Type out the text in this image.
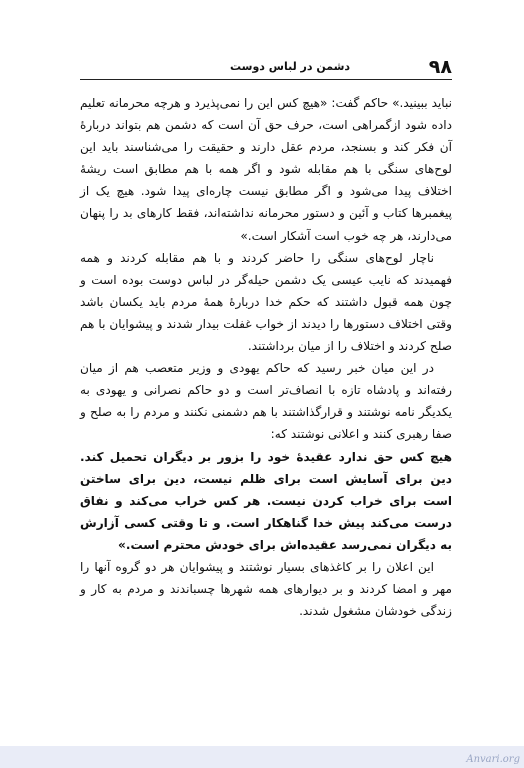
۹۸
دشمن در لباس دوست

نباید ببینید.» حاکم گفت: «هیچ کس این را نمی‌پذیرد و هرچه محرمانه تعلیم داده شود ازگمراهی است، حرف حق آن است که دشمن هم بتواند دربارهٔ آن فکر کند و بسنجد، مردم عقل دارند و حقیقت را می‌شناسند باید این لوح‌های سنگی با هم مقابله شود و اگر همه با هم مطابق است ریشهٔ اختلاف پیدا می‌شود و اگر مطابق نیست چاره‌ای پیدا شود. هیچ یک از پیغمبرها کتاب و آئین و دستور محرمانه نداشته‌اند، فقط کارهای بد را پنهان می‌دارند، هر چه خوب است آشکار است.»

ناچار لوح‌های سنگی را حاضر کردند و با هم مقابله کردند و همه فهمیدند که نایب عیسی یک دشمن حیله‌گر در لباس دوست بوده است و چون همه قبول داشتند که حکم خدا دربارهٔ همهٔ مردم باید یکسان باشد وقتی اختلاف دستورها را دیدند از خواب غفلت بیدار شدند و پیشوایان با هم صلح کردند و اختلاف را از میان برداشتند.

در این میان خبر رسید که حاکم یهودی و وزیر متعصب هم از میان رفته‌اند و پادشاه تازه با انصاف‌تر است و دو حاکم نصرانی و یهودی به یکدیگر نامه نوشتند و قرارگذاشتند با هم دشمنی نکنند و مردم را به صلح و صفا رهبری کنند و اعلانی نوشتند که:

هیچ کس حق ندارد عقیدهٔ خود را بزور بر دیگران تحمیل کند. دین برای آسایش است برای ظلم نیست، دین برای ساختن است برای خراب کردن نیست. هر کس خراب می‌کند و نفاق درست می‌کند پیش خدا گناهکار است. و تا وقتی کسی آزارش به دیگران نمی‌رسد عقیده‌اش برای خودش محترم است.»

این اعلان را بر کاغذهای بسیار نوشتند و پیشوایان هر دو گروه آنها را مهر و امضا کردند و بر دیوارهای همه شهرها چسباندند و مردم به کار و زندگی خودشان مشغول شدند.

Anvari.org
